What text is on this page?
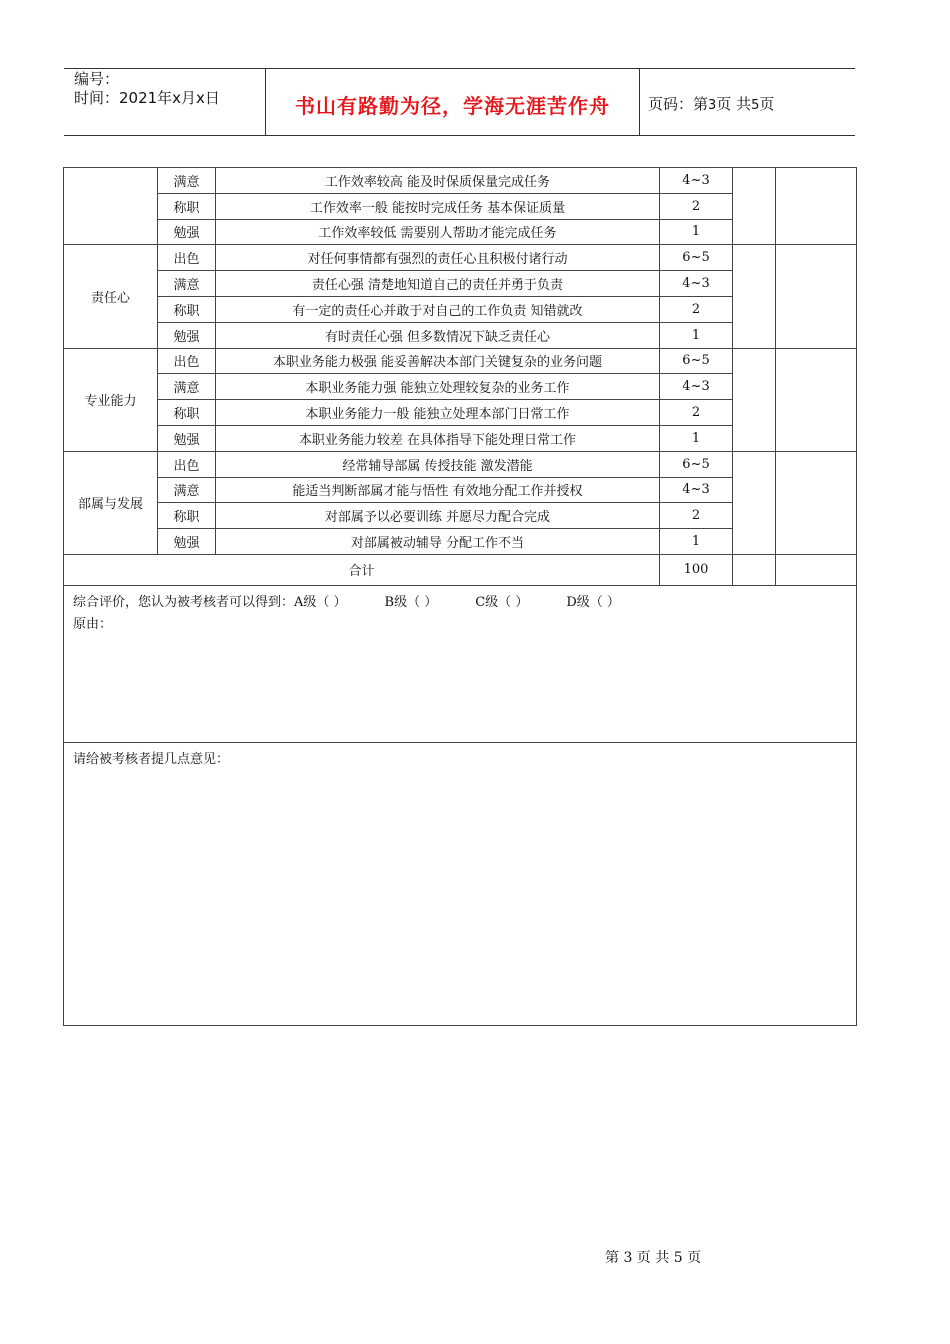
编号：
时间：2021年x月x日	书山有路勤为径，学海无涯苦作舟	页码：第3页 共5页
	满意	工作效率较高 能及时保质保量完成任务	4~3		
	称职	工作效率一般 能按时完成任务 基本保证质量	2		
	勉强	工作效率较低 需要别人帮助才能完成任务	1		
责任心	出色	对任何事情都有强烈的责任心且积极付诸行动	6~5		
	满意	责任心强 清楚地知道自己的责任并勇于负责	4~3		
	称职	有一定的责任心并敢于对自己的工作负责 知错就改	2		
	勉强	有时责任心强 但多数情况下缺乏责任心	1		
专业能力	出色	本职业务能力极强 能妥善解决本部门关键复杂的业务问题	6~5		
	满意	本职业务能力强 能独立处理较复杂的业务工作	4~3		
	称职	本职业务能力一般 能独立处理本部门日常工作	2		
	勉强	本职业务能力较差 在具体指导下能处理日常工作	1		
部属与发展	出色	经常辅导部属 传授技能 激发潜能	6~5		
	满意	能适当判断部属才能与悟性 有效地分配工作并授权	4~3		
	称职	对部属予以必要训练 并愿尽力配合完成	2		
	勉强	对部属被动辅导 分配工作不当	1		
合计			100		

综合评价，您认为被考核者可以得到：A级（ ） B级（ ） C级（ ） D级（ ）
原由：					

请给被考核者提几点意见：					
第 3 页 共 5 页
